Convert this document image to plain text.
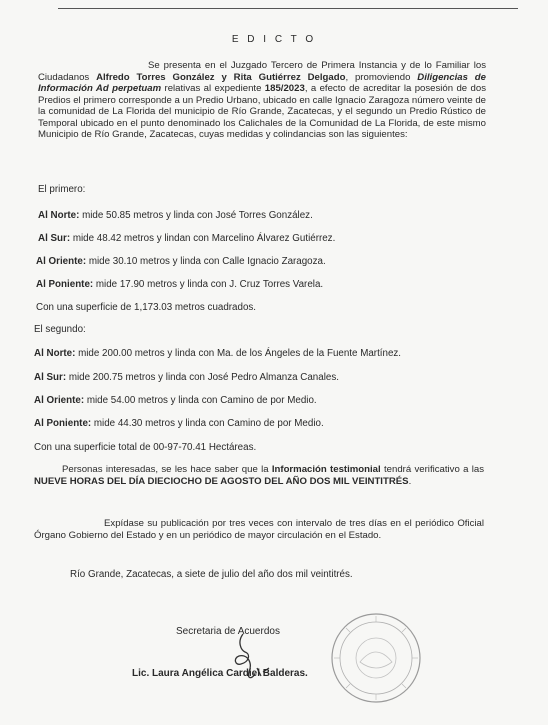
E D I C T O
Se presenta en el Juzgado Tercero de Primera Instancia y de lo Familiar los Ciudadanos Alfredo Torres González y Rita Gutiérrez Delgado, promoviendo Diligencias de Información Ad perpetuam relativas al expediente 185/2023, a efecto de acreditar la posesión de dos Predios el primero corresponde a un Predio Urbano, ubicado en calle Ignacio Zaragoza número veinte de la comunidad de La Florida del municipio de Río Grande, Zacatecas, y el segundo un Predio Rústico de Temporal ubicado en el punto denominado los Calichales de la Comunidad de La Florida, de este mismo Municipio de Río Grande, Zacatecas, cuyas medidas y colindancias son las siguientes:
El primero:
Al Norte: mide 50.85 metros y linda con José Torres González.
Al Sur: mide 48.42 metros y lindan con Marcelino Álvarez Gutiérrez.
Al Oriente: mide 30.10 metros y linda con Calle Ignacio Zaragoza.
Al Poniente: mide 17.90 metros y linda con J. Cruz Torres Varela.
Con una superficie de 1,173.03 metros cuadrados.
El segundo:
Al Norte: mide 200.00 metros y linda con Ma. de los Ángeles de la Fuente Martínez.
Al Sur: mide 200.75 metros y linda con José Pedro Almanza Canales.
Al Oriente: mide 54.00 metros y linda con Camino de por Medio.
Al Poniente: mide 44.30 metros y linda con Camino de por Medio.
Con una superficie total de 00-97-70.41 Hectáreas.
Personas interesadas, se les hace saber que la Información testimonial tendrá verificativo a las NUEVE HORAS DEL DÍA DIECIOCHO DE AGOSTO DEL AÑO DOS MIL VEINTITRÉS.
Expídase su publicación por tres veces con intervalo de tres días en el periódico Oficial Órgano Gobierno del Estado y en un periódico de mayor circulación en el Estado.
Río Grande, Zacatecas, a siete de julio del año dos mil veintitrés.
Secretaria de Acuerdos
Lic. Laura Angélica Cardiel Balderas.
